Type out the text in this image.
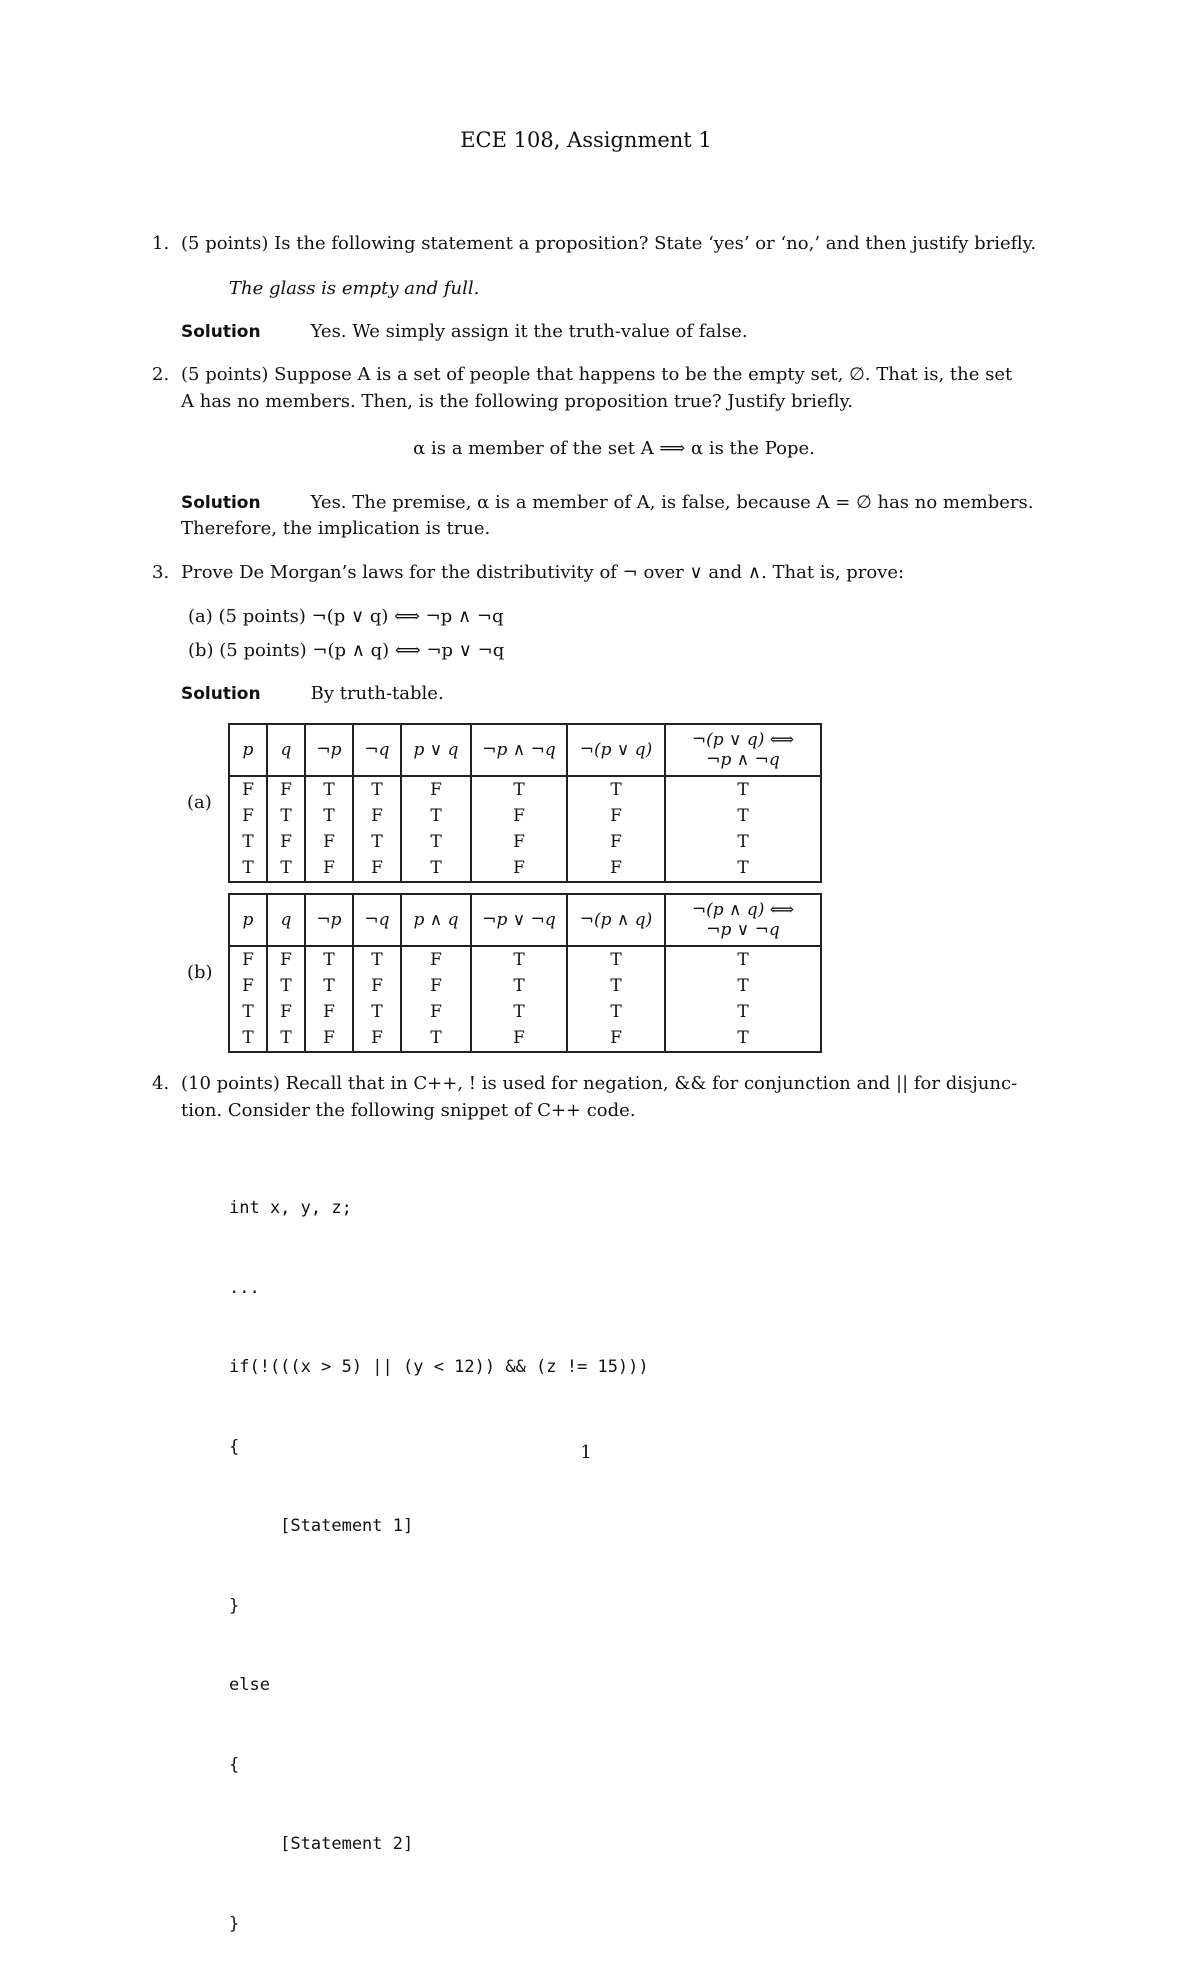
ECE 108, Assignment 1
1. (5 points) Is the following statement a proposition? State ‘yes’ or ‘no,’ and then justify briefly.
The glass is empty and full.
Solution	Yes. We simply assign it the truth-value of false.
2. (5 points) Suppose A is a set of people that happens to be the empty set, ∅. That is, the set
A has no members. Then, is the following proposition true? Justify briefly.
α is a member of the set A ⟹ α is the Pope.
Solution	Yes. The premise, α is a member of A, is false, because A = ∅ has no members.
Therefore, the implication is true.
3. Prove De Morgan’s laws for the distributivity of ¬ over ∨ and ∧. That is, prove:
(a) (5 points) ¬(p ∨ q) ⟺ ¬p ∧ ¬q
(b) (5 points) ¬(p ∧ q) ⟺ ¬p ∨ ¬q
Solution	By truth-table.
(a)
p	q	¬p	¬q	p ∨ q	¬p ∧ ¬q	¬(p ∨ q)	¬(p ∨ q) ⟺
¬p ∧ ¬q

F	F	T	T	F	T	T	T
F	T	T	F	T	F	F	T
T	F	F	T	T	F	F	T
T	T	F	F	T	F	F	T
(b)
p	q	¬p	¬q	p ∧ q	¬p ∨ ¬q	¬(p ∧ q)	¬(p ∧ q) ⟺
¬p ∨ ¬q

F	F	T	T	F	T	T	T
F	T	T	F	F	T	T	T
T	F	F	T	F	T	T	T
T	T	F	F	T	F	F	T
4. (10 points) Recall that in C++, ! is used for negation, && for conjunction and || for disjunc-
tion. Consider the following snippet of C++ code.

int x, y, z;

...

if(!(((x > 5) || (y < 12)) && (z != 15)))

{

[Statement 1]

}

else

{

[Statement 2]

}

1
